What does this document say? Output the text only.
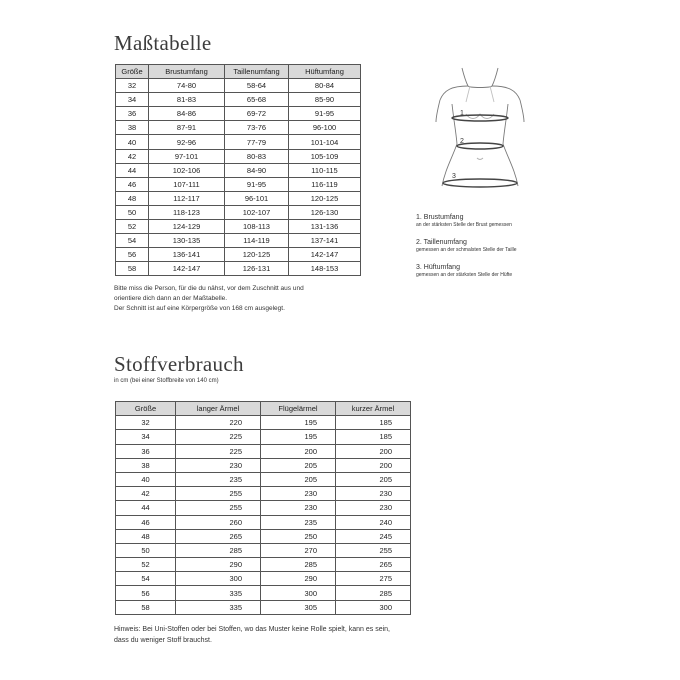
Maßtabelle
Größe	Brustumfang	Taillenumfang	Hüftumfang
32	74-80	58-64	80-84
34	81-83	65-68	85-90
36	84-86	69-72	91-95
38	87-91	73-76	96-100
40	92-96	77-79	101-104
42	97-101	80-83	105-109
44	102-106	84-90	110-115
46	107-111	91-95	116-119
48	112-117	96-101	120-125
50	118-123	102-107	126-130
52	124-129	108-113	131-136
54	130-135	114-119	137-141
56	136-141	120-125	142-147
58	142-147	126-131	148-153
Bitte miss die Person, für die du nähst, vor dem Zuschnitt aus und
orientiere dich dann an der Maßtabelle.
Der Schnitt ist auf eine Körpergröße von 168 cm ausgelegt.
1
2
3
1. Brustumfang
an der stärksten Stelle der Brust gemessen
2. Taillenumfang
gemessen an der schmalsten Stelle der Taille
3. Hüftumfang
gemessen an der stärksten Stelle der Hüfte
Stoffverbrauch
in cm (bei einer Stoffbreite von 140 cm)
Größe	langer Ärmel	Flügelärmel	kurzer Ärmel
32	220	195	185
34	225	195	185
36	225	200	200
38	230	205	200
40	235	205	205
42	255	230	230
44	255	230	230
46	260	235	240
48	265	250	245
50	285	270	255
52	290	285	265
54	300	290	275
56	335	300	285
58	335	305	300
Hinweis: Bei Uni-Stoffen oder bei Stoffen, wo das Muster keine Rolle spielt, kann es sein,
dass du weniger Stoff brauchst.
